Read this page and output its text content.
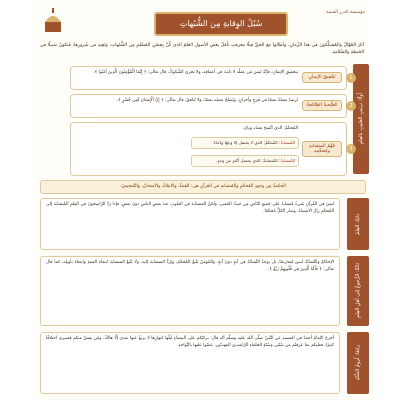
سُبُلُ الوِقايةِ مِن الشُّبُهاتِ
مؤسسة الدرر السنية
أثارَ الجُهّالُ والمُشكِّكونَ في هذا الزَّمانِ، وأطالوا مع الحقِّ قِيلًا معرفتِ تأمُلُ بعضِ الأصولِ العلمُ الذي كُنَّ بِحِصْنِ المُسْلِمِ مِن الشُّبُهاتِ، وتَقِيهِ من شُرورِها، فَتكونُ سَبيلًا في الحَيطةِ والسّلامةِ.
أَولًا: ترتيبِ القلوبِ بالعِلمِ
1
تَحْقيقُ الإيمانِ
بتحقيقِ الإيمانِ، فإنَّهُ ليسَ مَن عقلُه لا ثابتَ في أعماقِه، ولا يَجري الشَّكوكُ، قال تعالى: ﴿ إِنَّمَا الْمُؤْمِنُونَ الَّذِينَ آمَنُوا ﴾.
2
الصُّحبةُ الصَّالحةُ
يُرشِدُ بعضُهُ بعضًا في فَرَحٍ وأحزانٍ، ويُصلحُ بعضُه بعضًا، ولا يُنافقُ، قال تعالى: ﴿ إِنَّ الْإِنسَانَ لَفِي خُسْرٍ ﴾.
3
فَهْمُ المتشابهِ ومُحكَمِه
المُحكَمُ: الذي اتَّضحَ معناه وبانَ.
المُتشابهُ: المُحكَمُ: الذي لا يحتمل إلا وجهًا واحدًا.
المُتشابهُ: المُتشابهُ: الذي يحتمل أكثرَ من وجهٍ.
الحكمةُ مِن وجودِ المُحكَمِ والمُتشابهِ في القرآنِ هي: الفتنةُ، والابتلاءُ، والامتحانُ، والتَّمحيصُ.
ليسَ في القُرآنِ شَيءٌ مُتشابهٌ على جَميعِ النّاسِ مِن حيثُ المَعنى، ولكنَّ المتشابهَ في القلوبِ عندَ بعضِ الناسِ دونَ بعضٍ، فإذا رَدَّ الرّاسِخونَ في العِلمِ المُتشابهَ إلى المُحكَمِ زالَ الاشتباهُ، وصار الكلُّ مُحكَمًا.
ثانيًا: العِلمُ
الإحكامُ والتَّشابُهُ ليسَ مُتعارضًا، بل يوجدُ التَّشابُهُ في آيةٍ دونَ آيةٍ. والمُؤمنُ يَتَّبعُ المُحكَمَ، ويَرُدُّ المتشابهَ إليه، ولا يَتَّبعُ المتشابهَ ابتغاءَ الفتنةِ وابتغاءَ تأويلِه، كما قال تعالى: ﴿ فَأَمَّا الَّذِينَ فِي قُلُوبِهِمْ زَيْغٌ ﴾.	ثالثًا: الرُّجوعُ إلى أهلِ العِلمِ
أخرجَ الإمامُ أحمدُ في المسندِ عن النَّبيِّ صلّى الله عليه وسلّم أنّه قال: تركتُكم على البيضاءِ ليلُها كنهارِها لا يزيغُ عنها بعدي إلّا هالكٌ، ومَن يعِشْ منكم فسيرى اختلافًا كثيرًا، فعليكم بما عرفتُم من سُنّتي وسُنّةِ الخلفاءِ الرّاشدينَ المهديّين، عضّوا عليها بالنَّواجذِ.
رابعًا: لُزومُ السُّنّةِ
